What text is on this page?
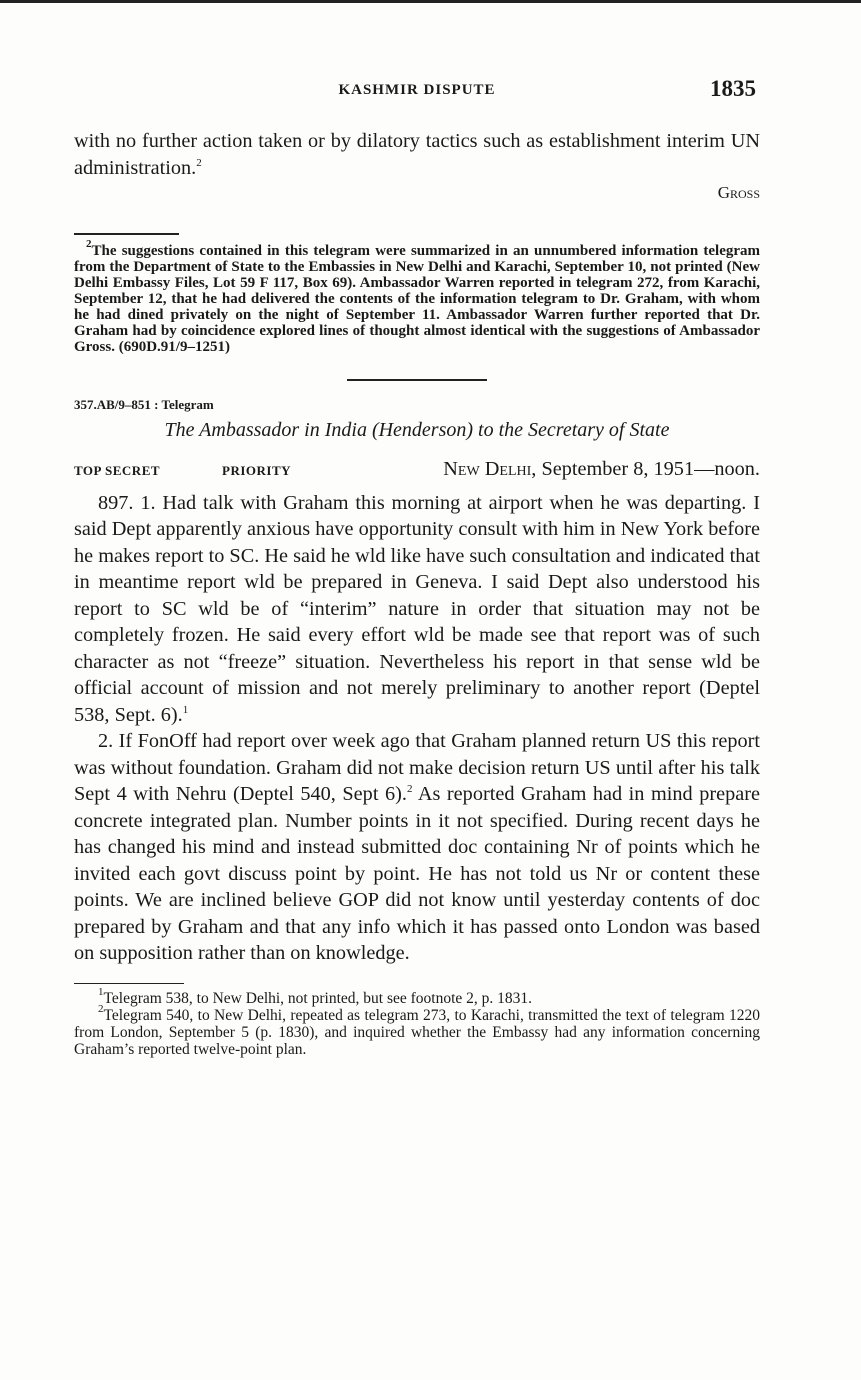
KASHMIR DISPUTE	1835

with no further action taken or by dilatory tactics such as establishment interim UN administration.$^2$

Gross

$^2$The suggestions contained in this telegram were summarized in an unnumbered information telegram from the Department of State to the Embassies in New Delhi and Karachi, September 10, not printed (New Delhi Embassy Files, Lot 59 F 117, Box 69). Ambassador Warren reported in telegram 272, from Karachi, September 12, that he had delivered the contents of the information telegram to Dr. Graham, with whom he had dined privately on the night of September 11. Ambassador Warren further reported that Dr. Graham had by coincidence explored lines of thought almost identical with the suggestions of Ambassador Gross. (690D.91/9–1251)

357.AB/9–851 : Telegram
The Ambassador in India (Henderson) to the Secretary of State
TOP SECRET	PRIORITY	New Delhi, September 8, 1951—noon.

897. 1. Had talk with Graham this morning at airport when he was departing. I said Dept apparently anxious have opportunity consult with him in New York before he makes report to SC. He said he wld like have such consultation and indicated that in meantime report wld be prepared in Geneva. I said Dept also understood his report to SC wld be of “interim” nature in order that situation may not be completely frozen. He said every effort wld be made see that report was of such character as not “freeze” situation. Nevertheless his report in that sense wld be official account of mission and not merely preliminary to another report (Deptel 538, Sept. 6).$^1$

2. If FonOff had report over week ago that Graham planned return US this report was without foundation. Graham did not make decision return US until after his talk Sept 4 with Nehru (Deptel 540, Sept 6).$^2$ As reported Graham had in mind prepare concrete integrated plan. Number points in it not specified. During recent days he has changed his mind and instead submitted doc containing Nr of points which he invited each govt discuss point by point. He has not told us Nr or content these points. We are inclined believe GOP did not know until yesterday contents of doc prepared by Graham and that any info which it has passed onto London was based on supposition rather than on knowledge.

$^1$Telegram 538, to New Delhi, not printed, but see footnote 2, p. 1831.

$^2$Telegram 540, to New Delhi, repeated as telegram 273, to Karachi, transmitted the text of telegram 1220 from London, September 5 (p. 1830), and inquired whether the Embassy had any information concerning Graham’s reported twelve-point plan.
